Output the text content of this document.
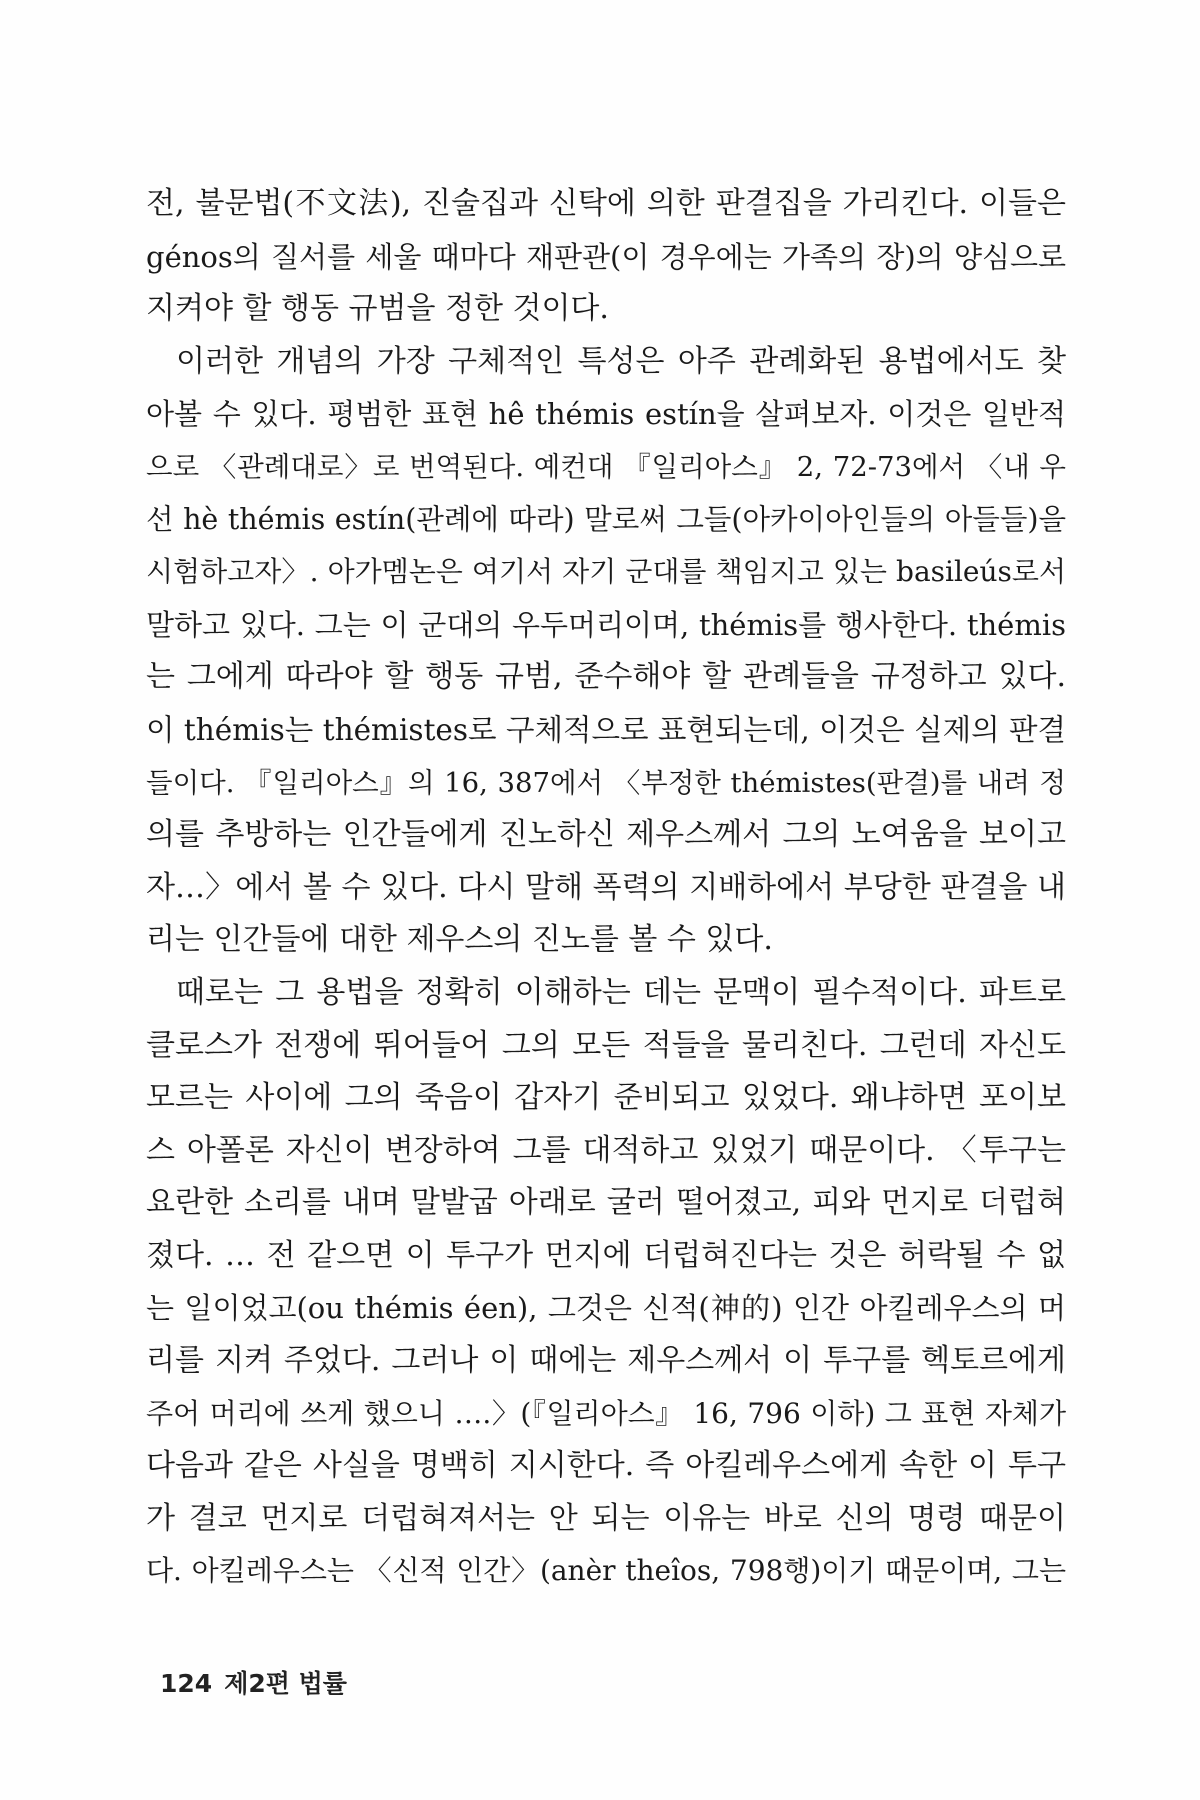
전, 불문법(不文法), 진술집과 신탁에 의한 판결집을 가리킨다. 이들은
génos의 질서를 세울 때마다 재판관(이 경우에는 가족의 장)의 양심으로
지켜야 할 행동 규범을 정한 것이다.
이러한 개념의 가장 구체적인 특성은 아주 관례화된 용법에서도 찾
아볼 수 있다. 평범한 표현 hê thémis estín을 살펴보자. 이것은 일반적
으로 〈관례대로〉로 번역된다. 예컨대 『일리아스』 2, 72-73에서 〈내 우
선 hè thémis estín(관례에 따라) 말로써 그들(아카이아인들의 아들들)을
시험하고자〉. 아가멤논은 여기서 자기 군대를 책임지고 있는 basileús로서
말하고 있다. 그는 이 군대의 우두머리이며, thémis를 행사한다. thémis
는 그에게 따라야 할 행동 규범, 준수해야 할 관례들을 규정하고 있다.
이 thémis는 thémistes로 구체적으로 표현되는데, 이것은 실제의 판결
들이다. 『일리아스』의 16, 387에서 〈부정한 thémistes(판결)를 내려 정
의를 추방하는 인간들에게 진노하신 제우스께서 그의 노여움을 보이고
자…〉에서 볼 수 있다. 다시 말해 폭력의 지배하에서 부당한 판결을 내
리는 인간들에 대한 제우스의 진노를 볼 수 있다.
때로는 그 용법을 정확히 이해하는 데는 문맥이 필수적이다. 파트로
클로스가 전쟁에 뛰어들어 그의 모든 적들을 물리친다. 그런데 자신도
모르는 사이에 그의 죽음이 갑자기 준비되고 있었다. 왜냐하면 포이보
스 아폴론 자신이 변장하여 그를 대적하고 있었기 때문이다. 〈투구는
요란한 소리를 내며 말발굽 아래로 굴러 떨어졌고, 피와 먼지로 더럽혀
졌다. … 전 같으면 이 투구가 먼지에 더럽혀진다는 것은 허락될 수 없
는 일이었고(ou thémis éen), 그것은 신적(神的) 인간 아킬레우스의 머
리를 지켜 주었다. 그러나 이 때에는 제우스께서 이 투구를 헥토르에게
주어 머리에 쓰게 했으니 ….〉(『일리아스』 16, 796 이하) 그 표현 자체가
다음과 같은 사실을 명백히 지시한다. 즉 아킬레우스에게 속한 이 투구
가 결코 먼지로 더럽혀져서는 안 되는 이유는 바로 신의 명령 때문이
다. 아킬레우스는 〈신적 인간〉(anèr theîos, 798행)이기 때문이며, 그는
124 제2편 법률
